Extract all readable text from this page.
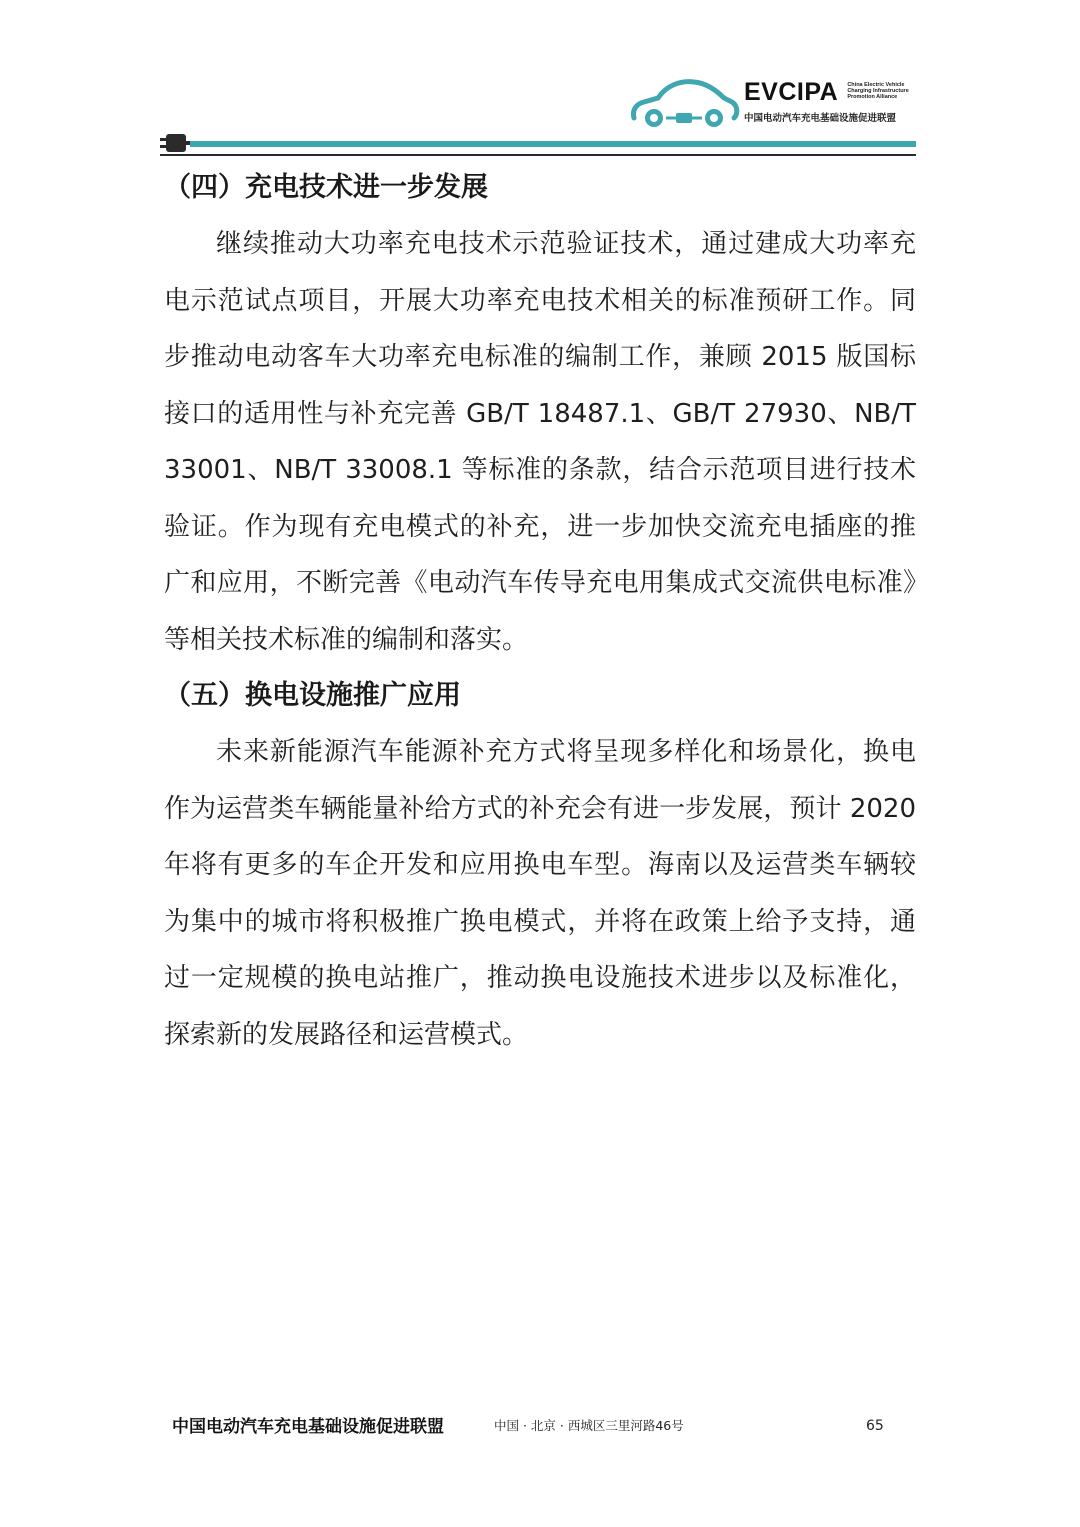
EVCIPA China Electric Vehicle
Charging Infrastructure
Promotion Alliance
中国电动汽车充电基础设施促进联盟
（四）充电技术进一步发展

继续推动大功率充电技术示范验证技术，通过建成大功率充电示范试点项目，开展大功率充电技术相关的标准预研工作。同步推动电动客车大功率充电标准的编制工作，兼顾 2015 版国标接口的适用性与补充完善 GB/T 18487.1、GB/T 27930、NB/T 33001、NB/T 33008.1 等标准的条款，结合示范项目进行技术验证。作为现有充电模式的补充，进一步加快交流充电插座的推广和应用，不断完善《电动汽车传导充电用集成式交流供电标准》等相关技术标准的编制和落实。

（五）换电设施推广应用

未来新能源汽车能源补充方式将呈现多样化和场景化，换电作为运营类车辆能量补给方式的补充会有进一步发展，预计 2020 年将有更多的车企开发和应用换电车型。海南以及运营类车辆较为集中的城市将积极推广换电模式，并将在政策上给予支持，通过一定规模的换电站推广，推动换电设施技术进步以及标准化，探索新的发展路径和运营模式。

中国电动汽车充电基础设施促进联盟	中国 · 北京 · 西城区三里河路46号	65
